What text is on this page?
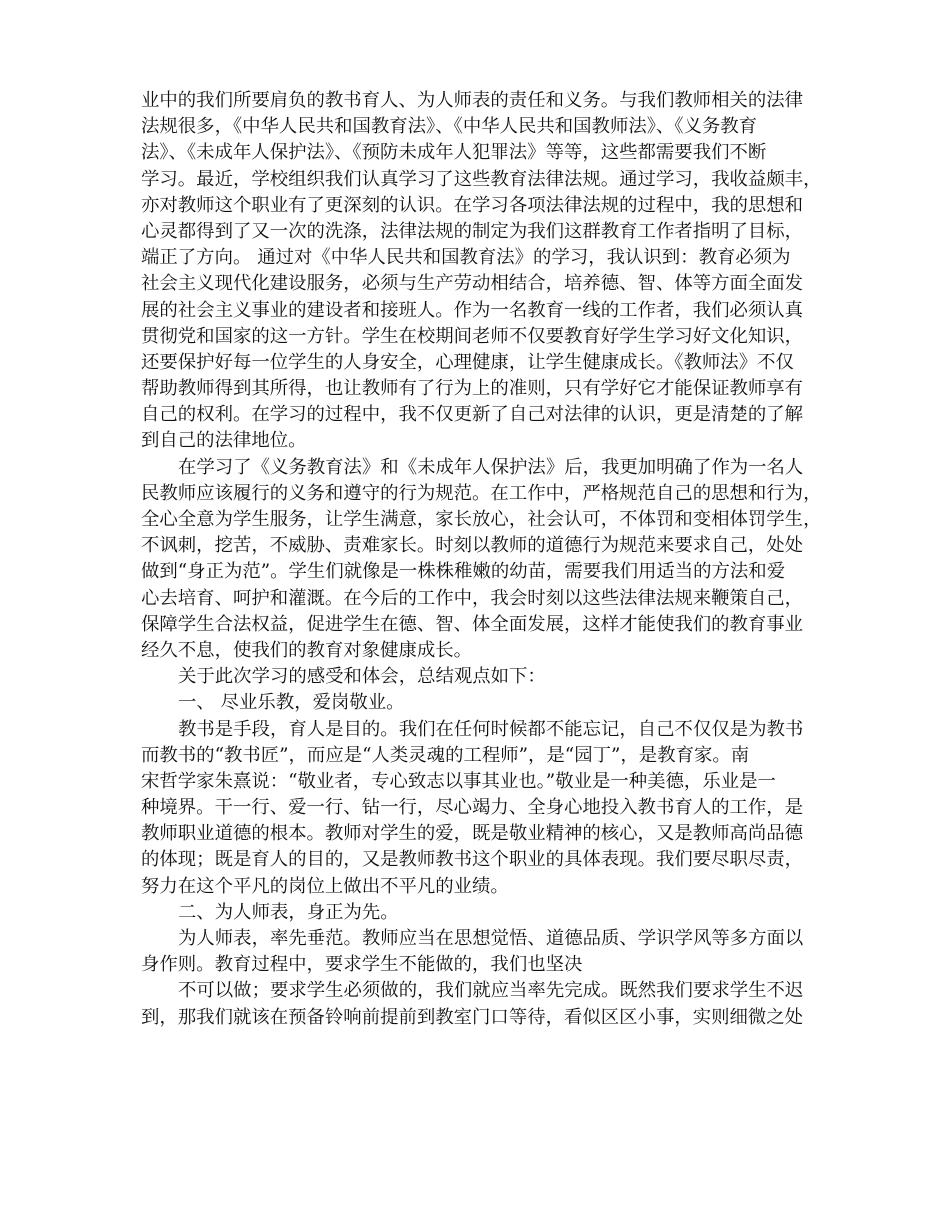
业中的我们所要肩负的教书育人、为人师表的责任和义务。与我们教师相关的法律
法规很多，《中华人民共和国教育法》、《中华人民共和国教师法》、《义务教育
法》、《未成年人保护法》、《预防未成年人犯罪法》等等，这些都需要我们不断
学习。最近，学校组织我们认真学习了这些教育法律法规。通过学习，我收益颇丰，
亦对教师这个职业有了更深刻的认识。在学习各项法律法规的过程中，我的思想和
心灵都得到了又一次的洗涤，法律法规的制定为我们这群教育工作者指明了目标，
端正了方向。 通过对《中华人民共和国教育法》的学习，我认识到：教育必须为
社会主义现代化建设服务，必须与生产劳动相结合，培养德、智、体等方面全面发
展的社会主义事业的建设者和接班人。作为一名教育一线的工作者，我们必须认真
贯彻党和国家的这一方针。学生在校期间老师不仅要教育好学生学习好文化知识，
还要保护好每一位学生的人身安全，心理健康，让学生健康成长。《教师法》不仅
帮助教师得到其所得，也让教师有了行为上的准则，只有学好它才能保证教师享有
自己的权利。在学习的过程中，我不仅更新了自己对法律的认识，更是清楚的了解
到自己的法律地位。
在学习了《义务教育法》和《未成年人保护法》后，我更加明确了作为一名人
民教师应该履行的义务和遵守的行为规范。在工作中，严格规范自己的思想和行为，
全心全意为学生服务，让学生满意，家长放心，社会认可，不体罚和变相体罚学生，
不讽刺，挖苦，不威胁、责难家长。时刻以教师的道德行为规范来要求自己，处处
做到“身正为范”。学生们就像是一株株稚嫩的幼苗，需要我们用适当的方法和爱
心去培育、呵护和灌溉。在今后的工作中，我会时刻以这些法律法规来鞭策自己，
保障学生合法权益，促进学生在德、智、体全面发展，这样才能使我们的教育事业
经久不息，使我们的教育对象健康成长。
关于此次学习的感受和体会，总结观点如下：
一、 尽业乐教，爱岗敬业。
教书是手段，育人是目的。我们在任何时候都不能忘记，自己不仅仅是为教书
而教书的“教书匠”，而应是“人类灵魂的工程师”，是“园丁”，是教育家。南
宋哲学家朱熹说：“敬业者，专心致志以事其业也。”敬业是一种美德，乐业是一
种境界。干一行、爱一行、钻一行，尽心竭力、全身心地投入教书育人的工作，是
教师职业道德的根本。教师对学生的爱，既是敬业精神的核心，又是教师高尚品德
的体现；既是育人的目的，又是教师教书这个职业的具体表现。我们要尽职尽责，
努力在这个平凡的岗位上做出不平凡的业绩。
二、为人师表，身正为先。
为人师表，率先垂范。教师应当在思想觉悟、道德品质、学识学风等多方面以
身作则。教育过程中，要求学生不能做的，我们也坚决
不可以做；要求学生必须做的，我们就应当率先完成。既然我们要求学生不迟
到，那我们就该在预备铃响前提前到教室门口等待，看似区区小事，实则细微之处
